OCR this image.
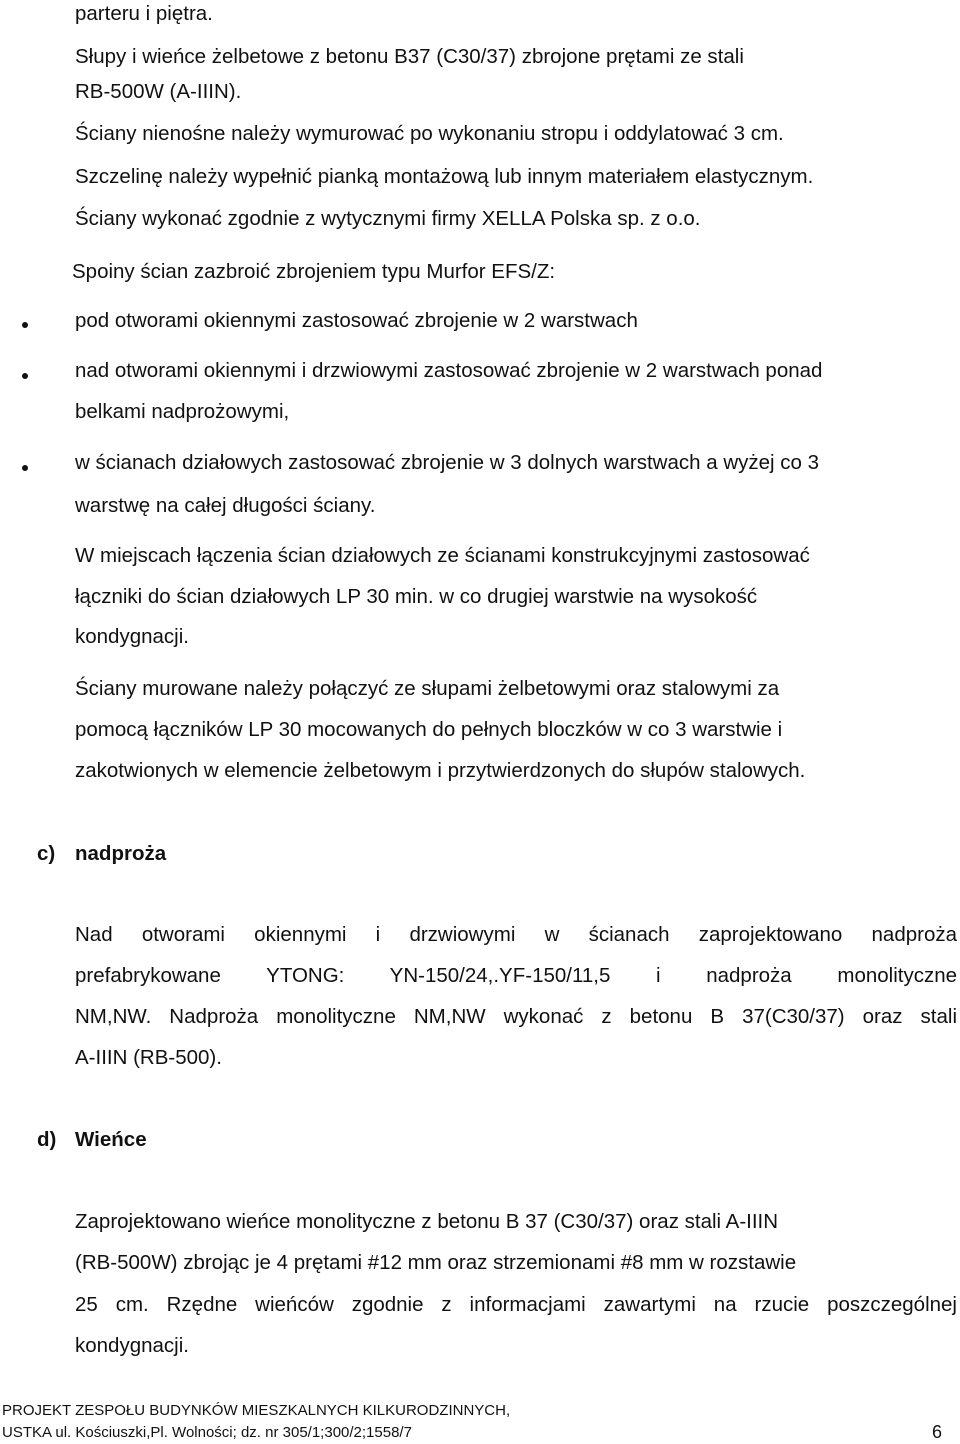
parteru i piętra.
Słupy i wieńce żelbetowe z betonu B37 (C30/37) zbrojone prętami ze stali
RB-500W (A-IIIN).
Ściany nienośne należy wymurować po wykonaniu stropu i oddylatować 3 cm.
Szczelinę należy wypełnić pianką montażową lub innym materiałem elastycznym.
Ściany wykonać zgodnie z wytycznymi firmy XELLA Polska sp. z o.o.
Spoiny ścian zazbroić zbrojeniem typu Murfor EFS/Z:
pod otworami okiennymi zastosować zbrojenie w 2 warstwach
nad otworami okiennymi i drzwiowymi zastosować zbrojenie w 2 warstwach ponad
belkami nadprożowymi,
w ścianach działowych zastosować zbrojenie w 3 dolnych warstwach a wyżej co 3
warstwę na całej długości ściany.
W miejscach łączenia ścian działowych ze ścianami konstrukcyjnymi zastosować
łączniki do ścian działowych LP 30 min. w co drugiej warstwie na wysokość
kondygnacji.
Ściany murowane należy połączyć ze słupami żelbetowymi oraz stalowymi za
pomocą łączników LP 30 mocowanych do pełnych bloczków w co 3 warstwie i
zakotwionych w elemencie żelbetowym i przytwierdzonych do słupów stalowych.
c) nadproża
Nad otworami okiennymi i drzwiowymi w ścianach zaprojektowano nadproża
prefabrykowane YTONG: YN-150/24,.YF-150/11,5 i nadproża monolityczne
NM,NW. Nadproża monolityczne NM,NW wykonać z betonu B 37(C30/37) oraz stali
A-IIIN (RB-500).
d) Wieńce
Zaprojektowano wieńce monolityczne z betonu B 37 (C30/37) oraz stali A-IIIN
(RB-500W) zbrojąc je 4 prętami #12 mm oraz strzemionami #8 mm w rozstawie
25 cm. Rzędne wieńców zgodnie z informacjami zawartymi na rzucie poszczególnej
kondygnacji.
PROJEKT ZESPOŁU BUDYNKÓW MIESZKALNYCH KILKURODZINNYCH,
USTKA ul. Kościuszki,Pl. Wolności; dz. nr 305/1;300/2;1558/7	6
